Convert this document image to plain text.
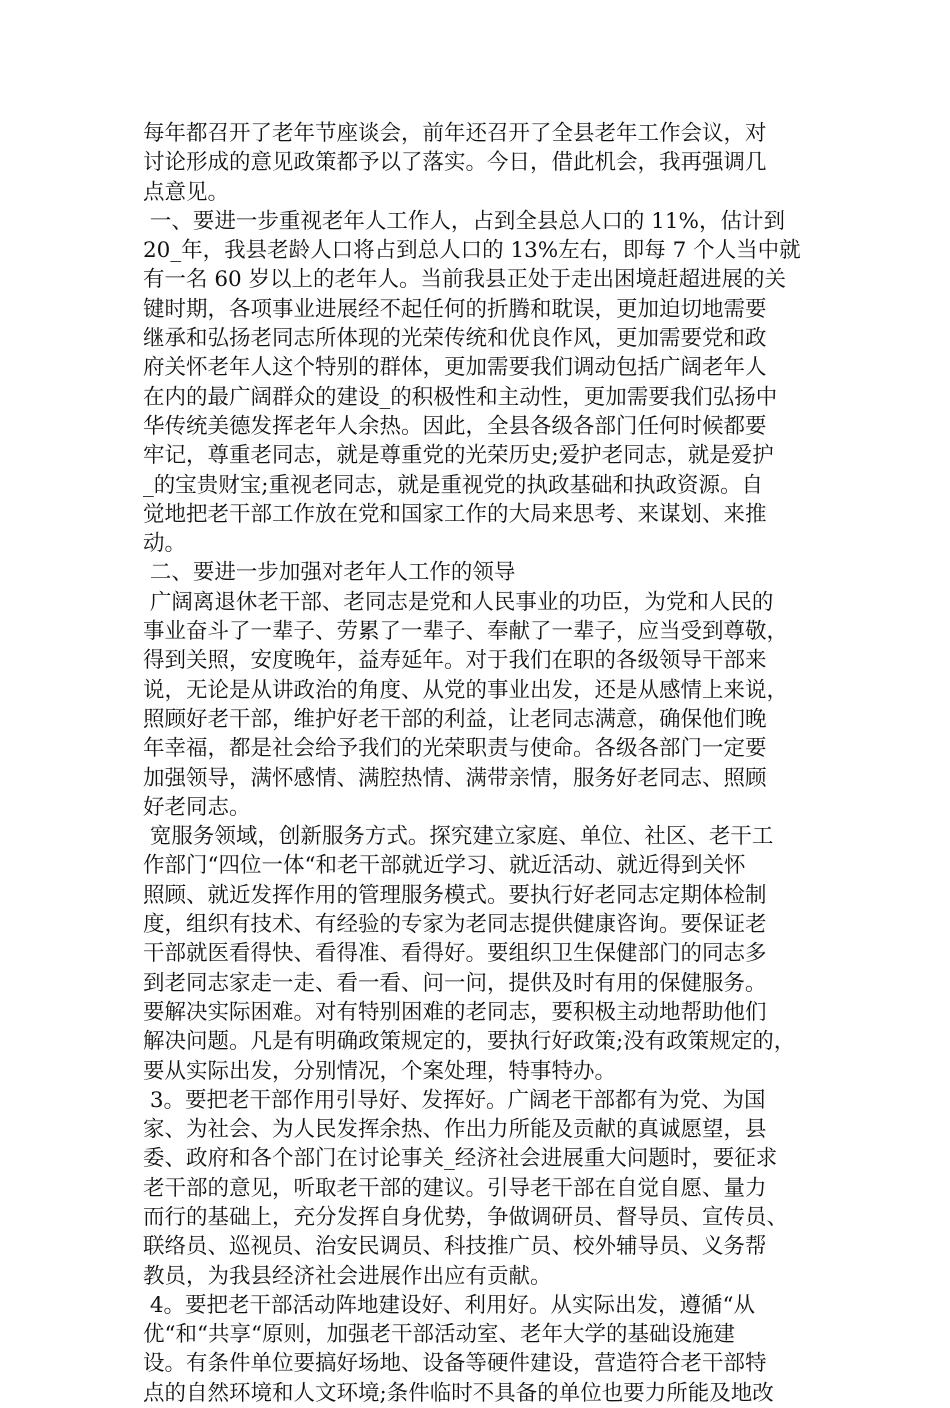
每年都召开了老年节座谈会，前年还召开了全县老年工作会议，对
讨论形成的意见政策都予以了落实。今日，借此机会，我再强调几
点意见。
一、要进一步重视老年人工作人，占到全县总人口的 11%，估计到
20_年，我县老龄人口将占到总人口的 13%左右，即每 7 个人当中就
有一名 60 岁以上的老年人。当前我县正处于走出困境赶超进展的关
键时期，各项事业进展经不起任何的折腾和耽误，更加迫切地需要
继承和弘扬老同志所体现的光荣传统和优良作风，更加需要党和政
府关怀老年人这个特别的群体，更加需要我们调动包括广阔老年人
在内的最广阔群众的建设_的积极性和主动性，更加需要我们弘扬中
华传统美德发挥老年人余热。因此，全县各级各部门任何时候都要
牢记，尊重老同志，就是尊重党的光荣历史;爱护老同志，就是爱护
_的宝贵财宝;重视老同志，就是重视党的执政基础和执政资源。自
觉地把老干部工作放在党和国家工作的大局来思考、来谋划、来推
动。
二、要进一步加强对老年人工作的领导
广阔离退休老干部、老同志是党和人民事业的功臣，为党和人民的
事业奋斗了一辈子、劳累了一辈子、奉献了一辈子，应当受到尊敬，
得到关照，安度晚年，益寿延年。对于我们在职的各级领导干部来
说，无论是从讲政治的角度、从党的事业出发，还是从感情上来说，
照顾好老干部，维护好老干部的利益，让老同志满意，确保他们晚
年幸福，都是社会给予我们的光荣职责与使命。各级各部门一定要
加强领导，满怀感情、满腔热情、满带亲情，服务好老同志、照顾
好老同志。
宽服务领域，创新服务方式。探究建立家庭、单位、社区、老干工
作部门“四位一体“和老干部就近学习、就近活动、就近得到关怀
照顾、就近发挥作用的管理服务模式。要执行好老同志定期体检制
度，组织有技术、有经验的专家为老同志提供健康咨询。要保证老
干部就医看得快、看得准、看得好。要组织卫生保健部门的同志多
到老同志家走一走、看一看、问一问，提供及时有用的保健服务。
要解决实际困难。对有特别困难的老同志，要积极主动地帮助他们
解决问题。凡是有明确政策规定的，要执行好政策;没有政策规定的，
要从实际出发，分别情况，个案处理，特事特办。
3。要把老干部作用引导好、发挥好。广阔老干部都有为党、为国
家、为社会、为人民发挥余热、作出力所能及贡献的真诚愿望，县
委、政府和各个部门在讨论事关_经济社会进展重大问题时，要征求
老干部的意见，听取老干部的建议。引导老干部在自觉自愿、量力
而行的基础上，充分发挥自身优势，争做调研员、督导员、宣传员、
联络员、巡视员、治安民调员、科技推广员、校外辅导员、义务帮
教员，为我县经济社会进展作出应有贡献。
4。要把老干部活动阵地建设好、利用好。从实际出发，遵循“从
优“和“共享“原则，加强老干部活动室、老年大学的基础设施建
设。有条件单位要搞好场地、设备等硬件建设，营造符合老干部特
点的自然环境和人文环境;条件临时不具备的单位也要力所能及地改
